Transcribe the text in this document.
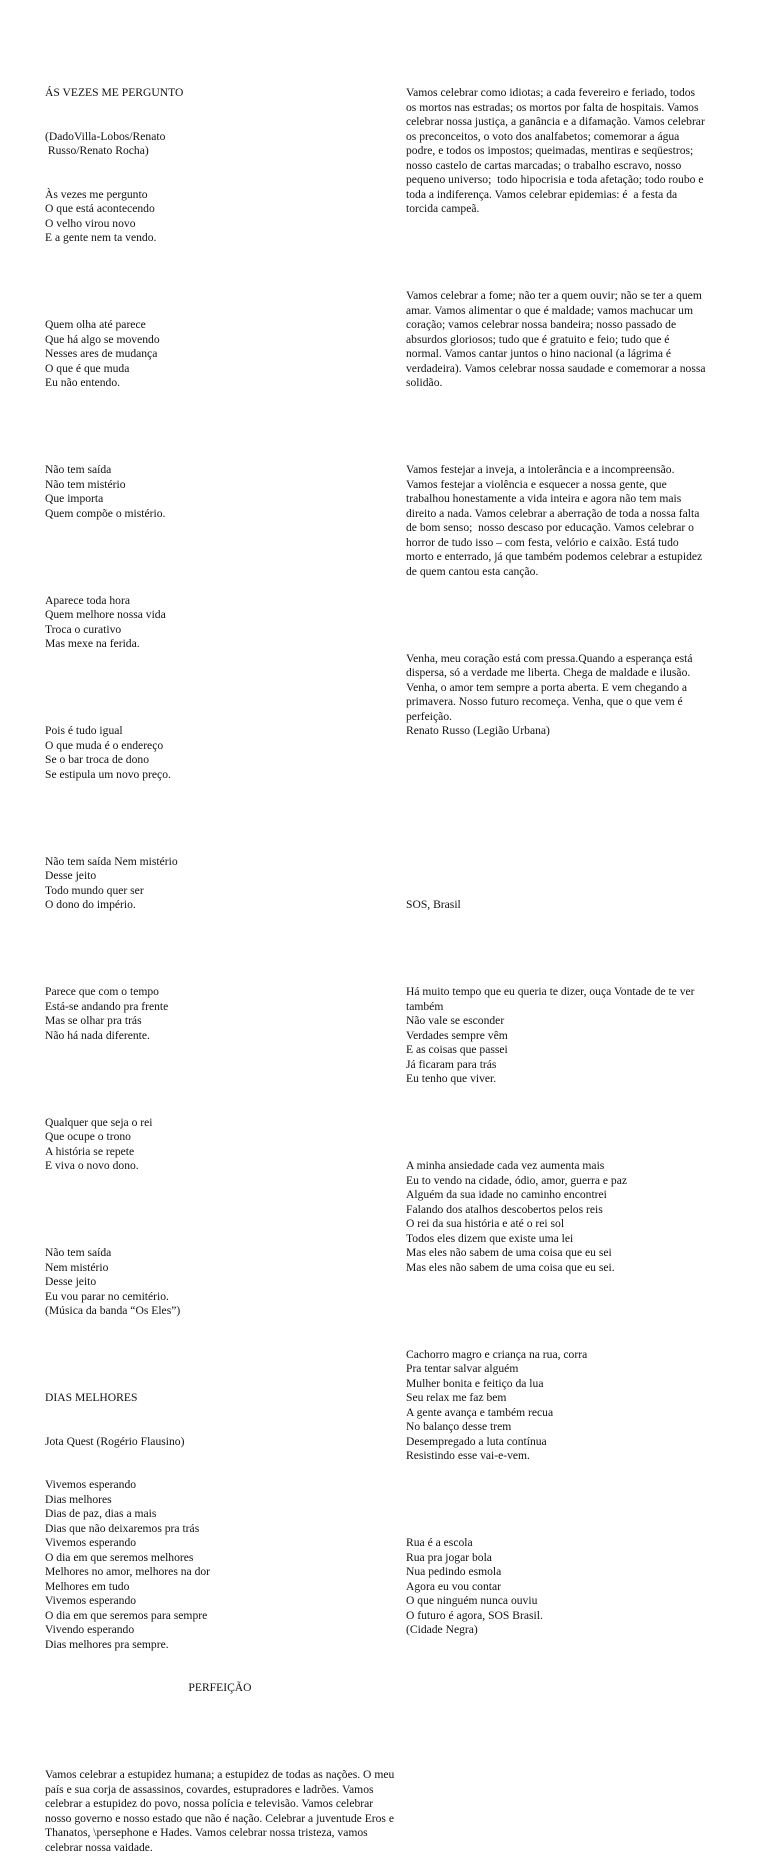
ÁS VEZES ME PERGUNTO

(DadoVilla-Lobos/Renato
Russo/Renato Rocha)

Às vezes me pergunto
O que está acontecendo
O velho virou novo
E a gente nem ta vendo.

Quem olha até parece
Que há algo se movendo
Nesses ares de mudança
O que é que muda
Eu não entendo.

Não tem saída
Não tem mistério
Que importa
Quem compõe o mistério.

Aparece toda hora
Quem melhore nossa vida
Troca o curativo
Mas mexe na ferida.

Pois é tudo igual
O que muda é o endereço
Se o bar troca de dono
Se estipula um novo preço.

Não tem saída Nem mistério
Desse jeito
Todo mundo quer ser
O dono do império.

Parece que com o tempo
Está-se andando pra frente
Mas se olhar pra trás
Não há nada diferente.

Qualquer que seja o rei
Que ocupe o trono
A história se repete
E viva o novo dono.

Não tem saída
Nem mistério
Desse jeito
Eu vou parar no cemitério.
(Música da banda “Os Eles”)

DIAS MELHORES

Jota Quest (Rogério Flausino)

Vivemos esperando
Dias melhores
Dias de paz, dias a mais
Dias que não deixaremos pra trás
Vivemos esperando
O dia em que seremos melhores
Melhores no amor, melhores na dor
Melhores em tudo
Vivemos esperando
O dia em que seremos para sempre
Vivendo esperando
Dias melhores pra sempre.

PERFEIÇÃO

Vamos celebrar a estupidez humana; a estupidez de todas as nações. O meu país e sua corja de assassinos, covardes, estupradores e ladrões. Vamos celebrar a estupidez do povo, nossa polícia e televisão. Vamos celebrar nosso governo e nosso estado que não é nação. Celebrar a juventude Eros e Thanatos, \persephone e Hades. Vamos celebrar nossa tristeza, vamos celebrar nossa vaidade.

Vamos celebrar como idiotas; a cada fevereiro e feriado, todos os mortos nas estradas; os mortos por falta de hospitais. Vamos celebrar nossa justiça, a ganância e a difamação. Vamos celebrar os preconceitos, o voto dos analfabetos; comemorar a água podre, e todos os impostos; queimadas, mentiras e seqüestros; nosso castelo de cartas marcadas; o trabalho escravo, nosso pequeno universo;  todo hipocrisia e toda afetação; todo roubo e toda a indiferença. Vamos celebrar epidemias: é  a festa da torcida campeã.

Vamos celebrar a fome; não ter a quem ouvir; não se ter a quem amar. Vamos alimentar o que é maldade; vamos machucar um coração; vamos celebrar nossa bandeira; nosso passado de absurdos gloriosos; tudo que é gratuito e feio; tudo que é normal. Vamos cantar juntos o hino nacional (a lágrima é verdadeira). Vamos celebrar nossa saudade e comemorar a nossa solidão.

Vamos festejar a inveja, a intolerância e a incompreensão. Vamos festejar a violência e esquecer a nossa gente, que trabalhou honestamente a vida inteira e agora não tem mais direito a nada. Vamos celebrar a aberração de toda a nossa falta de bom senso;  nosso descaso por educação. Vamos celebrar o horror de tudo isso – com festa, velório e caixão. Está tudo morto e enterrado, já que também podemos celebrar a estupidez de quem cantou esta canção.

Venha, meu coração está com pressa.Quando a esperança está dispersa, só a verdade me liberta. Chega de maldade e ilusão. Venha, o amor tem sempre a porta aberta. E vem chegando a primavera. Nosso futuro recomeça. Venha, que o que vem é perfeição.
Renato Russo (Legião Urbana)

SOS, Brasil

Há muito tempo que eu queria te dizer, ouça Vontade de te ver também
Não vale se esconder
Verdades sempre vêm
E as coisas que passei
Já ficaram para trás
Eu tenho que viver.

A minha ansiedade cada vez aumenta mais
Eu to vendo na cidade, ódio, amor, guerra e paz
Alguém da sua idade no caminho encontrei
Falando dos atalhos descobertos pelos reis
O rei da sua história e até o rei sol
Todos eles dizem que existe uma lei
Mas eles não sabem de uma coisa que eu sei
Mas eles não sabem de uma coisa que eu sei.

Cachorro magro e criança na rua, corra
Pra tentar salvar alguém
Mulher bonita e feitiço da lua
Seu relax me faz bem
A gente avança e também recua
No balanço desse trem
Desempregado a luta contínua
Resistindo esse vai-e-vem.

Rua é a escola
Rua pra jogar bola
Nua pedindo esmola
Agora eu vou contar
O que ninguém nunca ouviu
O futuro é agora, SOS Brasil.
(Cidade Negra)
